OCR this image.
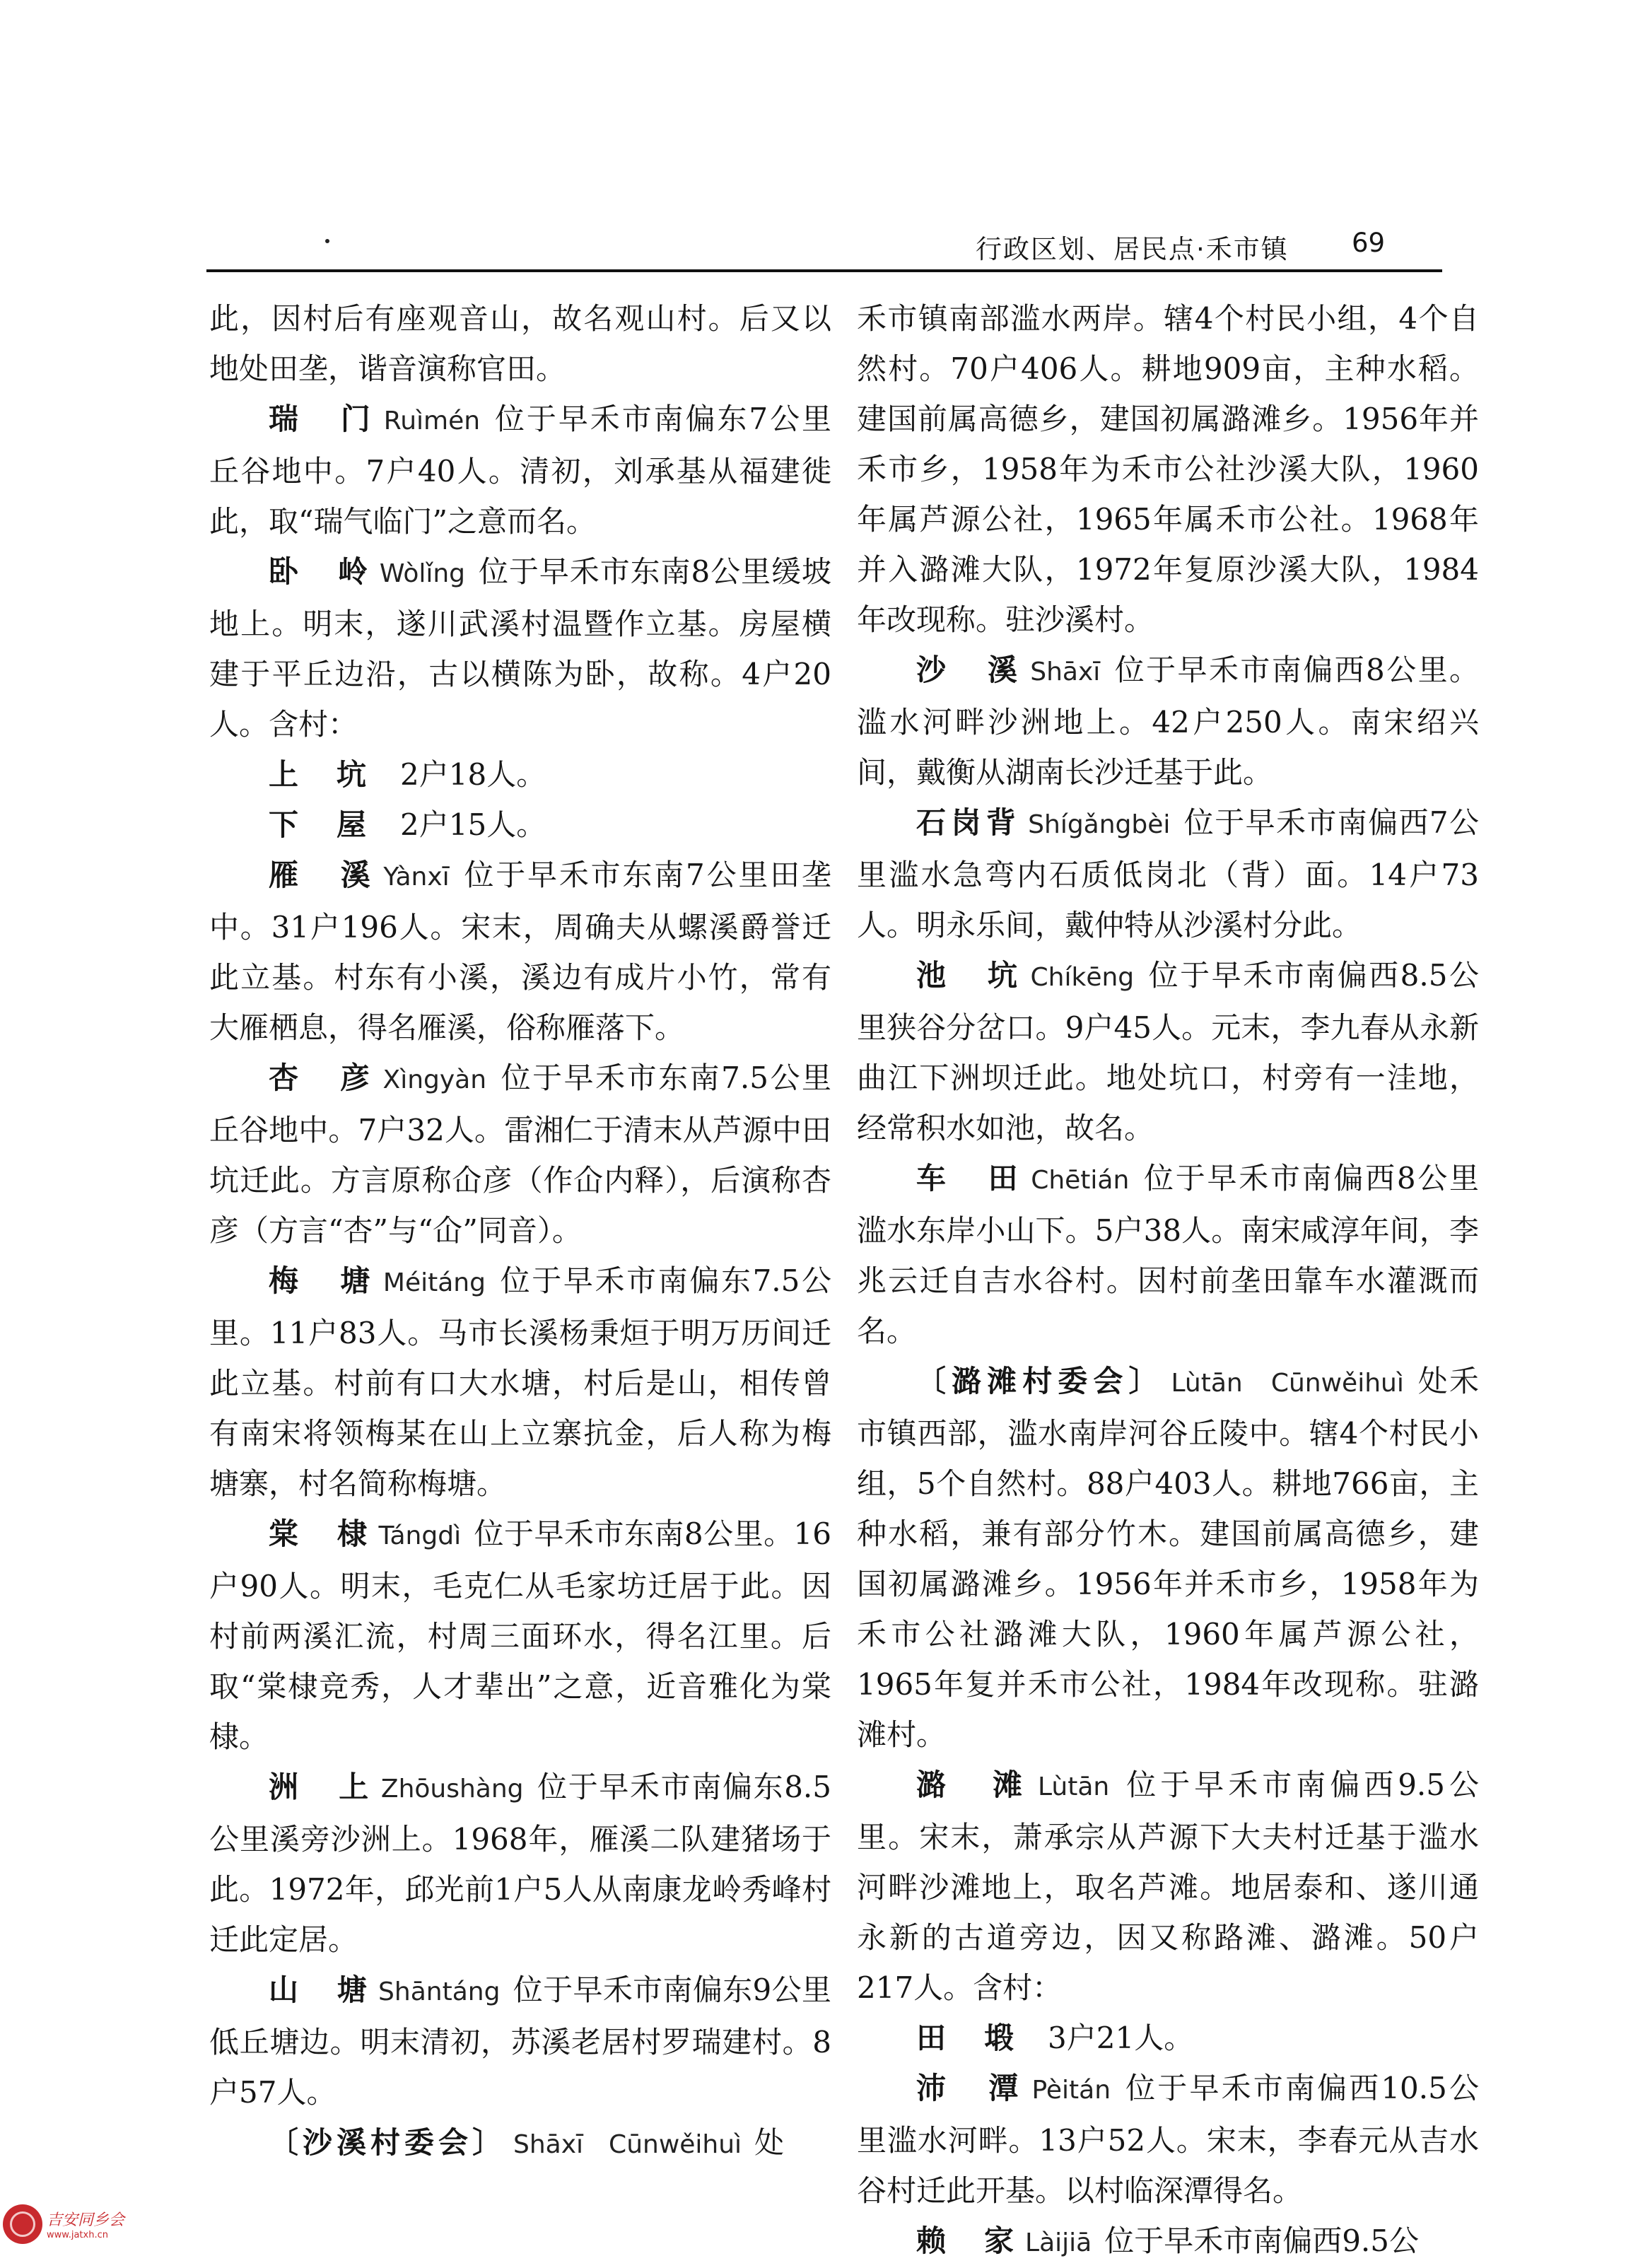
行政区划、居民点·禾市镇 69

此，因村后有座观音山，故名观山村。后又以地处田垄，谐音演称官田。

瑞　门 Ruìmén 位于早禾市南偏东7公里丘谷地中。7户40人。清初，刘承基从福建徙此，取“瑞气临门”之意而名。

卧　岭 Wòlǐng 位于早禾市东南8公里缓坡地上。明末，遂川武溪村温暨作立基。房屋横建于平丘边沿，古以横陈为卧，故称。4户20人。含村：

上　坑　 2户18人。

下　屋　 2户15人。

雁　溪 Yànxī 位于早禾市东南7公里田垄中。31户196人。宋末，周确夫从螺溪爵誉迁此立基。村东有小溪，溪边有成片小竹，常有大雁栖息，得名雁溪，俗称雁落下。

杏　彦 Xìngyàn 位于早禾市东南7.5公里丘谷地中。7户32人。雷湘仁于清末从芦源中田坑迁此。方言原称仚彦（作仚内释），后演称杏彦（方言“杏”与“仚”同音）。

梅　塘 Méitáng 位于早禾市南偏东7.5公里。11户83人。马市长溪杨秉烜于明万历间迁此立基。村前有口大水塘，村后是山，相传曾有南宋将领梅某在山上立寨抗金，后人称为梅塘寨，村名简称梅塘。

棠　棣 Tángdì 位于早禾市东南8公里。16户90人。明末，毛克仁从毛家坊迁居于此。因村前两溪汇流，村周三面环水，得名江里。后取“棠棣竞秀，人才辈出”之意，近音雅化为棠棣。

洲　上 Zhōushàng 位于早禾市南偏东8.5公里溪旁沙洲上。1968年，雁溪二队建猪场于此。1972年，邱光前1户5人从南康龙岭秀峰村迁此定居。

山　塘 Shāntáng 位于早禾市南偏东9公里低丘塘边。明末清初，苏溪老居村罗瑞建村。8户57人。

〔沙溪村委会〕 Shāxī　Cūnwěihuì 处

禾市镇南部滥水两岸。辖4个村民小组，4个自然村。70户406人。耕地909亩，主种水稻。建国前属高德乡，建国初属潞滩乡。1956年并禾市乡，1958年为禾市公社沙溪大队，1960年属芦源公社，1965年属禾市公社。1968年并入潞滩大队，1972年复原沙溪大队，1984年改现称。驻沙溪村。

沙　溪 Shāxī 位于早禾市南偏西8公里。滥水河畔沙洲地上。42户250人。南宋绍兴间，戴衡从湖南长沙迁基于此。

石岗背 Shígǎngbèi 位于早禾市南偏西7公里滥水急弯内石质低岗北（背）面。14户73人。明永乐间，戴仲特从沙溪村分此。

池　坑 Chíkēng 位于早禾市南偏西8.5公里狭谷分岔口。9户45人。元末，李九春从永新曲江下洲坝迁此。地处坑口，村旁有一洼地，经常积水如池，故名。

车　田 Chētián 位于早禾市南偏西8公里滥水东岸小山下。5户38人。南宋咸淳年间，李兆云迁自吉水谷村。因村前垄田靠车水灌溉而名。

〔潞滩村委会〕 Lùtān　Cūnwěihuì 处禾市镇西部，滥水南岸河谷丘陵中。辖4个村民小组，5个自然村。88户403人。耕地766亩，主种水稻，兼有部分竹木。建国前属高德乡，建国初属潞滩乡。1956年并禾市乡，1958年为禾市公社潞滩大队，1960年属芦源公社，1965年复并禾市公社，1984年改现称。驻潞滩村。

潞　滩 Lùtān 位于早禾市南偏西9.5公里。宋末，萧承宗从芦源下大夫村迁基于滥水河畔沙滩地上，取名芦滩。地居泰和、遂川通永新的古道旁边，因又称路滩、潞滩。50户217人。含村：

田　塅　 3户21人。

沛　潭 Pèitán 位于早禾市南偏西10.5公里滥水河畔。13户52人。宋末，李春元从吉水谷村迁此开基。以村临深潭得名。

赖　家 Làijiā 位于早禾市南偏西9.5公

吉安同乡会
www.jatxh.cn
